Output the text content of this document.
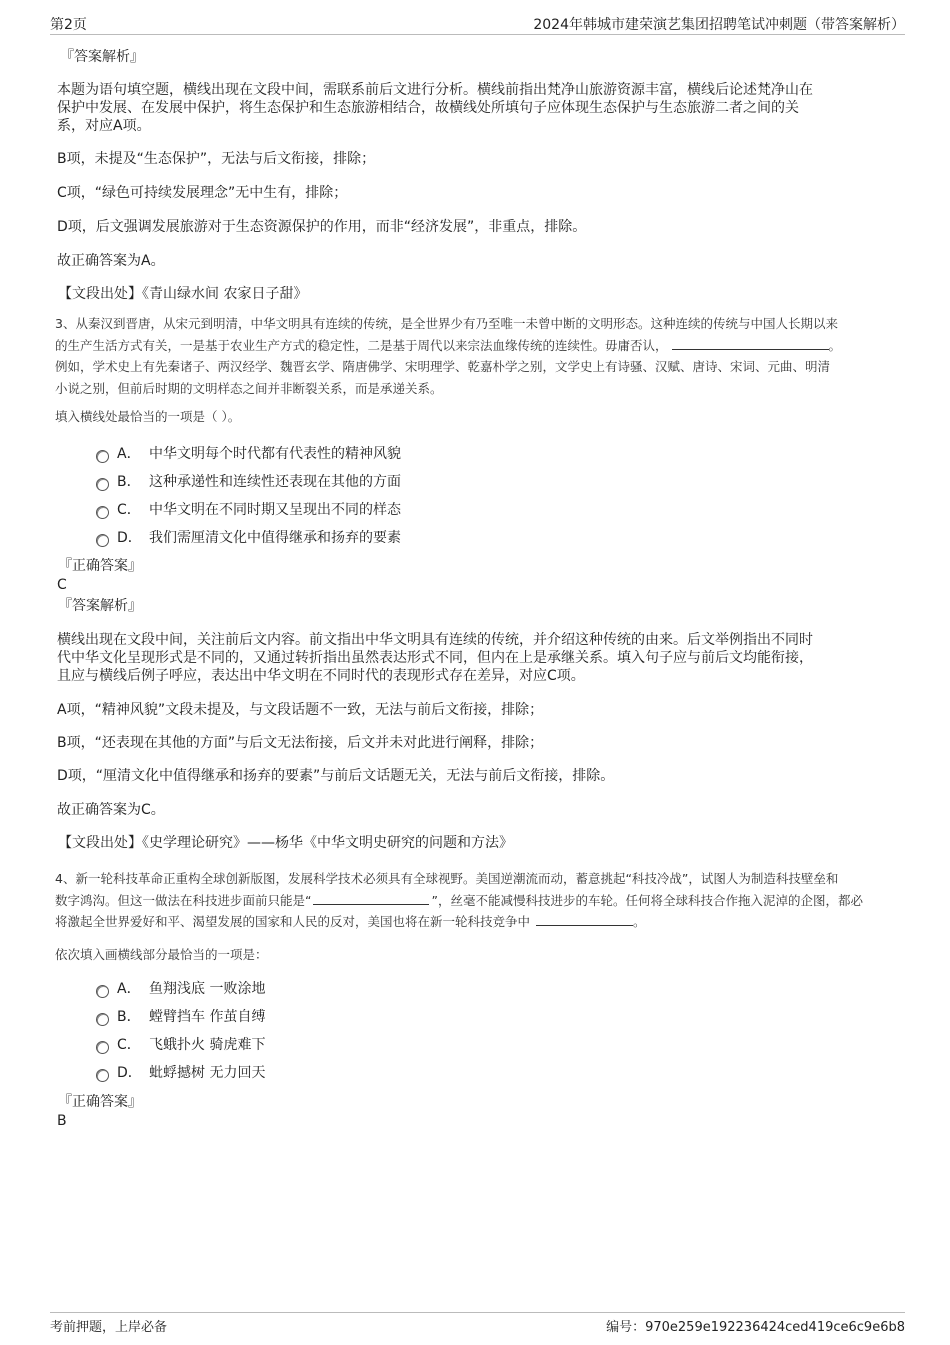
第2页	2024年韩城市建荣演艺集团招聘笔试冲刺题（带答案解析）
『答案解析』
本题为语句填空题，横线出现在文段中间，需联系前后文进行分析。横线前指出梵净山旅游资源丰富，横线后论述梵净山在
保护中发展、在发展中保护，将生态保护和生态旅游相结合，故横线处所填句子应体现生态保护与生态旅游二者之间的关
系，对应A项。
B项，未提及“生态保护”，无法与后文衔接，排除；
C项，“绿色可持续发展理念”无中生有，排除；
D项，后文强调发展旅游对于生态资源保护的作用，而非“经济发展”，非重点，排除。
故正确答案为A。
【文段出处】《青山绿水间 农家日子甜》
3、从秦汉到晋唐，从宋元到明清，中华文明具有连续的传统，是全世界少有乃至唯一未曾中断的文明形态。这种连续的传统与中国人长期以来
的生产生活方式有关，一是基于农业生产方式的稳定性，二是基于周代以来宗法血缘传统的连续性。毋庸否认，	。
例如，学术史上有先秦诸子、两汉经学、魏晋玄学、隋唐佛学、宋明理学、乾嘉朴学之别，文学史上有诗骚、汉赋、唐诗、宋词、元曲、明清
小说之别，但前后时期的文明样态之间并非断裂关系，而是承递关系。
填入横线处最恰当的一项是（ ）。
A． 中华文明每个时代都有代表性的精神风貌
B． 这种承递性和连续性还表现在其他的方面
C． 中华文明在不同时期又呈现出不同的样态
D． 我们需厘清文化中值得继承和扬弃的要素
『正确答案』
C
『答案解析』
横线出现在文段中间，关注前后文内容。前文指出中华文明具有连续的传统，并介绍这种传统的由来。后文举例指出不同时
代中华文化呈现形式是不同的，又通过转折指出虽然表达形式不同，但内在上是承继关系。填入句子应与前后文均能衔接，
且应与横线后例子呼应，表达出中华文明在不同时代的表现形式存在差异，对应C项。
A项，“精神风貌”文段未提及，与文段话题不一致，无法与前后文衔接，排除；
B项，“还表现在其他的方面”与后文无法衔接，后文并未对此进行阐释，排除；
D项，“厘清文化中值得继承和扬弃的要素”与前后文话题无关，无法与前后文衔接，排除。
故正确答案为C。
【文段出处】《史学理论研究》——杨华《中华文明史研究的问题和方法》
4、新一轮科技革命正重构全球创新版图，发展科学技术必须具有全球视野。美国逆潮流而动，蓄意挑起“科技冷战”，试图人为制造科技壁垒和
数字鸿沟。但这一做法在科技进步面前只能是“	”，丝毫不能减慢科技进步的车轮。任何将全球科技合作拖入泥淖的企图，都必
将激起全世界爱好和平、渴望发展的国家和人民的反对，美国也将在新一轮科技竞争中	。
依次填入画横线部分最恰当的一项是：
A． 鱼翔浅底 一败涂地
B． 螳臂挡车 作茧自缚
C． 飞蛾扑火 骑虎难下
D． 蚍蜉撼树 无力回天
『正确答案』
B
考前押题，上岸必备	编号：970e259e192236424ced419ce6c9e6b8
